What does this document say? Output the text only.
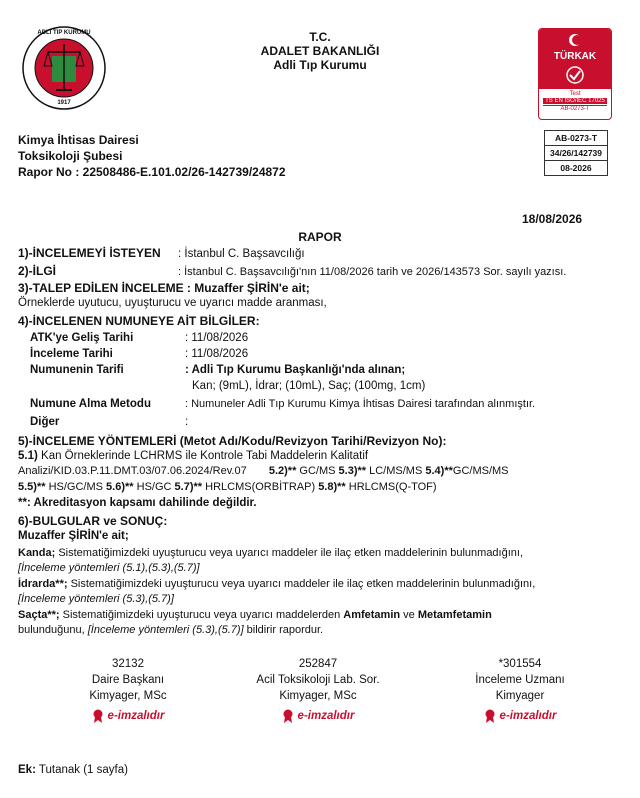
ADLİ TIP KURUMU
1917
T.C.
ADALET BAKANLIĞI
Adli Tıp Kurumu
TÜRKAK
Test
TS EN ISO/IEC 17025
AB-0273-T
Kimya İhtisas Dairesi
Toksikoloji Şubesi
Rapor No : 22508486-E.101.02/26-142739/24872
AB-0273-T
34/26/142739
08-2026
18/08/2026
RAPOR
1)-İNCELEMEYİ İSTEYEN : İstanbul C. Başsavcılığı
2)-İLGİ	: İstanbul C. Başsavcılığı'nın 11/08/2026 tarih ve 2026/143573 Sor. sayılı yazısı.
3)-TALEP EDİLEN İNCELEME : Muzaffer ŞİRİN'e ait;
Örneklerde uyutucu, uyuşturucu ve uyarıcı madde aranması,
4)-İNCELENEN NUMUNEYE AİT BİLGİLER:
ATK'ye Geliş Tarihi	: 11/08/2026
İnceleme Tarihi	: 11/08/2026
Numunenin Tarifi	: Adli Tıp Kurumu Başkanlığı'nda alınan;
Kan; (9mL), İdrar; (10mL), Saç; (100mg, 1cm)
Numune Alma Metodu	: Numuneler Adli Tıp Kurumu Kimya İhtisas Dairesi tarafından alınmıştır.
Diğer	:
5)-İNCELEME YÖNTEMLERİ (Metot Adı/Kodu/Revizyon Tarihi/Revizyon No):
5.1) Kan Örneklerinde LCHRMS ile Kontrole Tabi Maddelerin Kalitatif
Analizi/KID.03.P.11.DMT.03/07.06.2024/Rev.07 5.2)** GC/MS 5.3)** LC/MS/MS 5.4)**GC/MS/MS
5.5)** HS/GC/MS 5.6)** HS/GC 5.7)** HRLCMS(ORBİTRAP) 5.8)** HRLCMS(Q-TOF)
**: Akreditasyon kapsamı dahilinde değildir.
6)-BULGULAR ve SONUÇ:
Muzaffer ŞİRİN'e ait;
Kanda; Sistematiğimizdeki uyuşturucu veya uyarıcı maddeler ile ilaç etken maddelerinin bulunmadığını,
[İnceleme yöntemleri (5.1),(5.3),(5.7)]
İdrarda**; Sistematiğimizdeki uyuşturucu veya uyarıcı maddeler ile ilaç etken maddelerinin bulunmadığını,
[İnceleme yöntemleri (5.3),(5.7)]
Saçta**; Sistematiğimizdeki uyuşturucu veya uyarıcı maddelerden Amfetamin ve Metamfetamin
bulunduğunu, [İnceleme yöntemleri (5.3),(5.7)] bildirir rapordur.
32132
Daire Başkanı
Kimyager, MSc
e-imzalıdır
252847
Acil Toksikoloji Lab. Sor.
Kimyager, MSc
e-imzalıdır
*301554
İnceleme Uzmanı
Kimyager
e-imzalıdır
Ek: Tutanak (1 sayfa)
